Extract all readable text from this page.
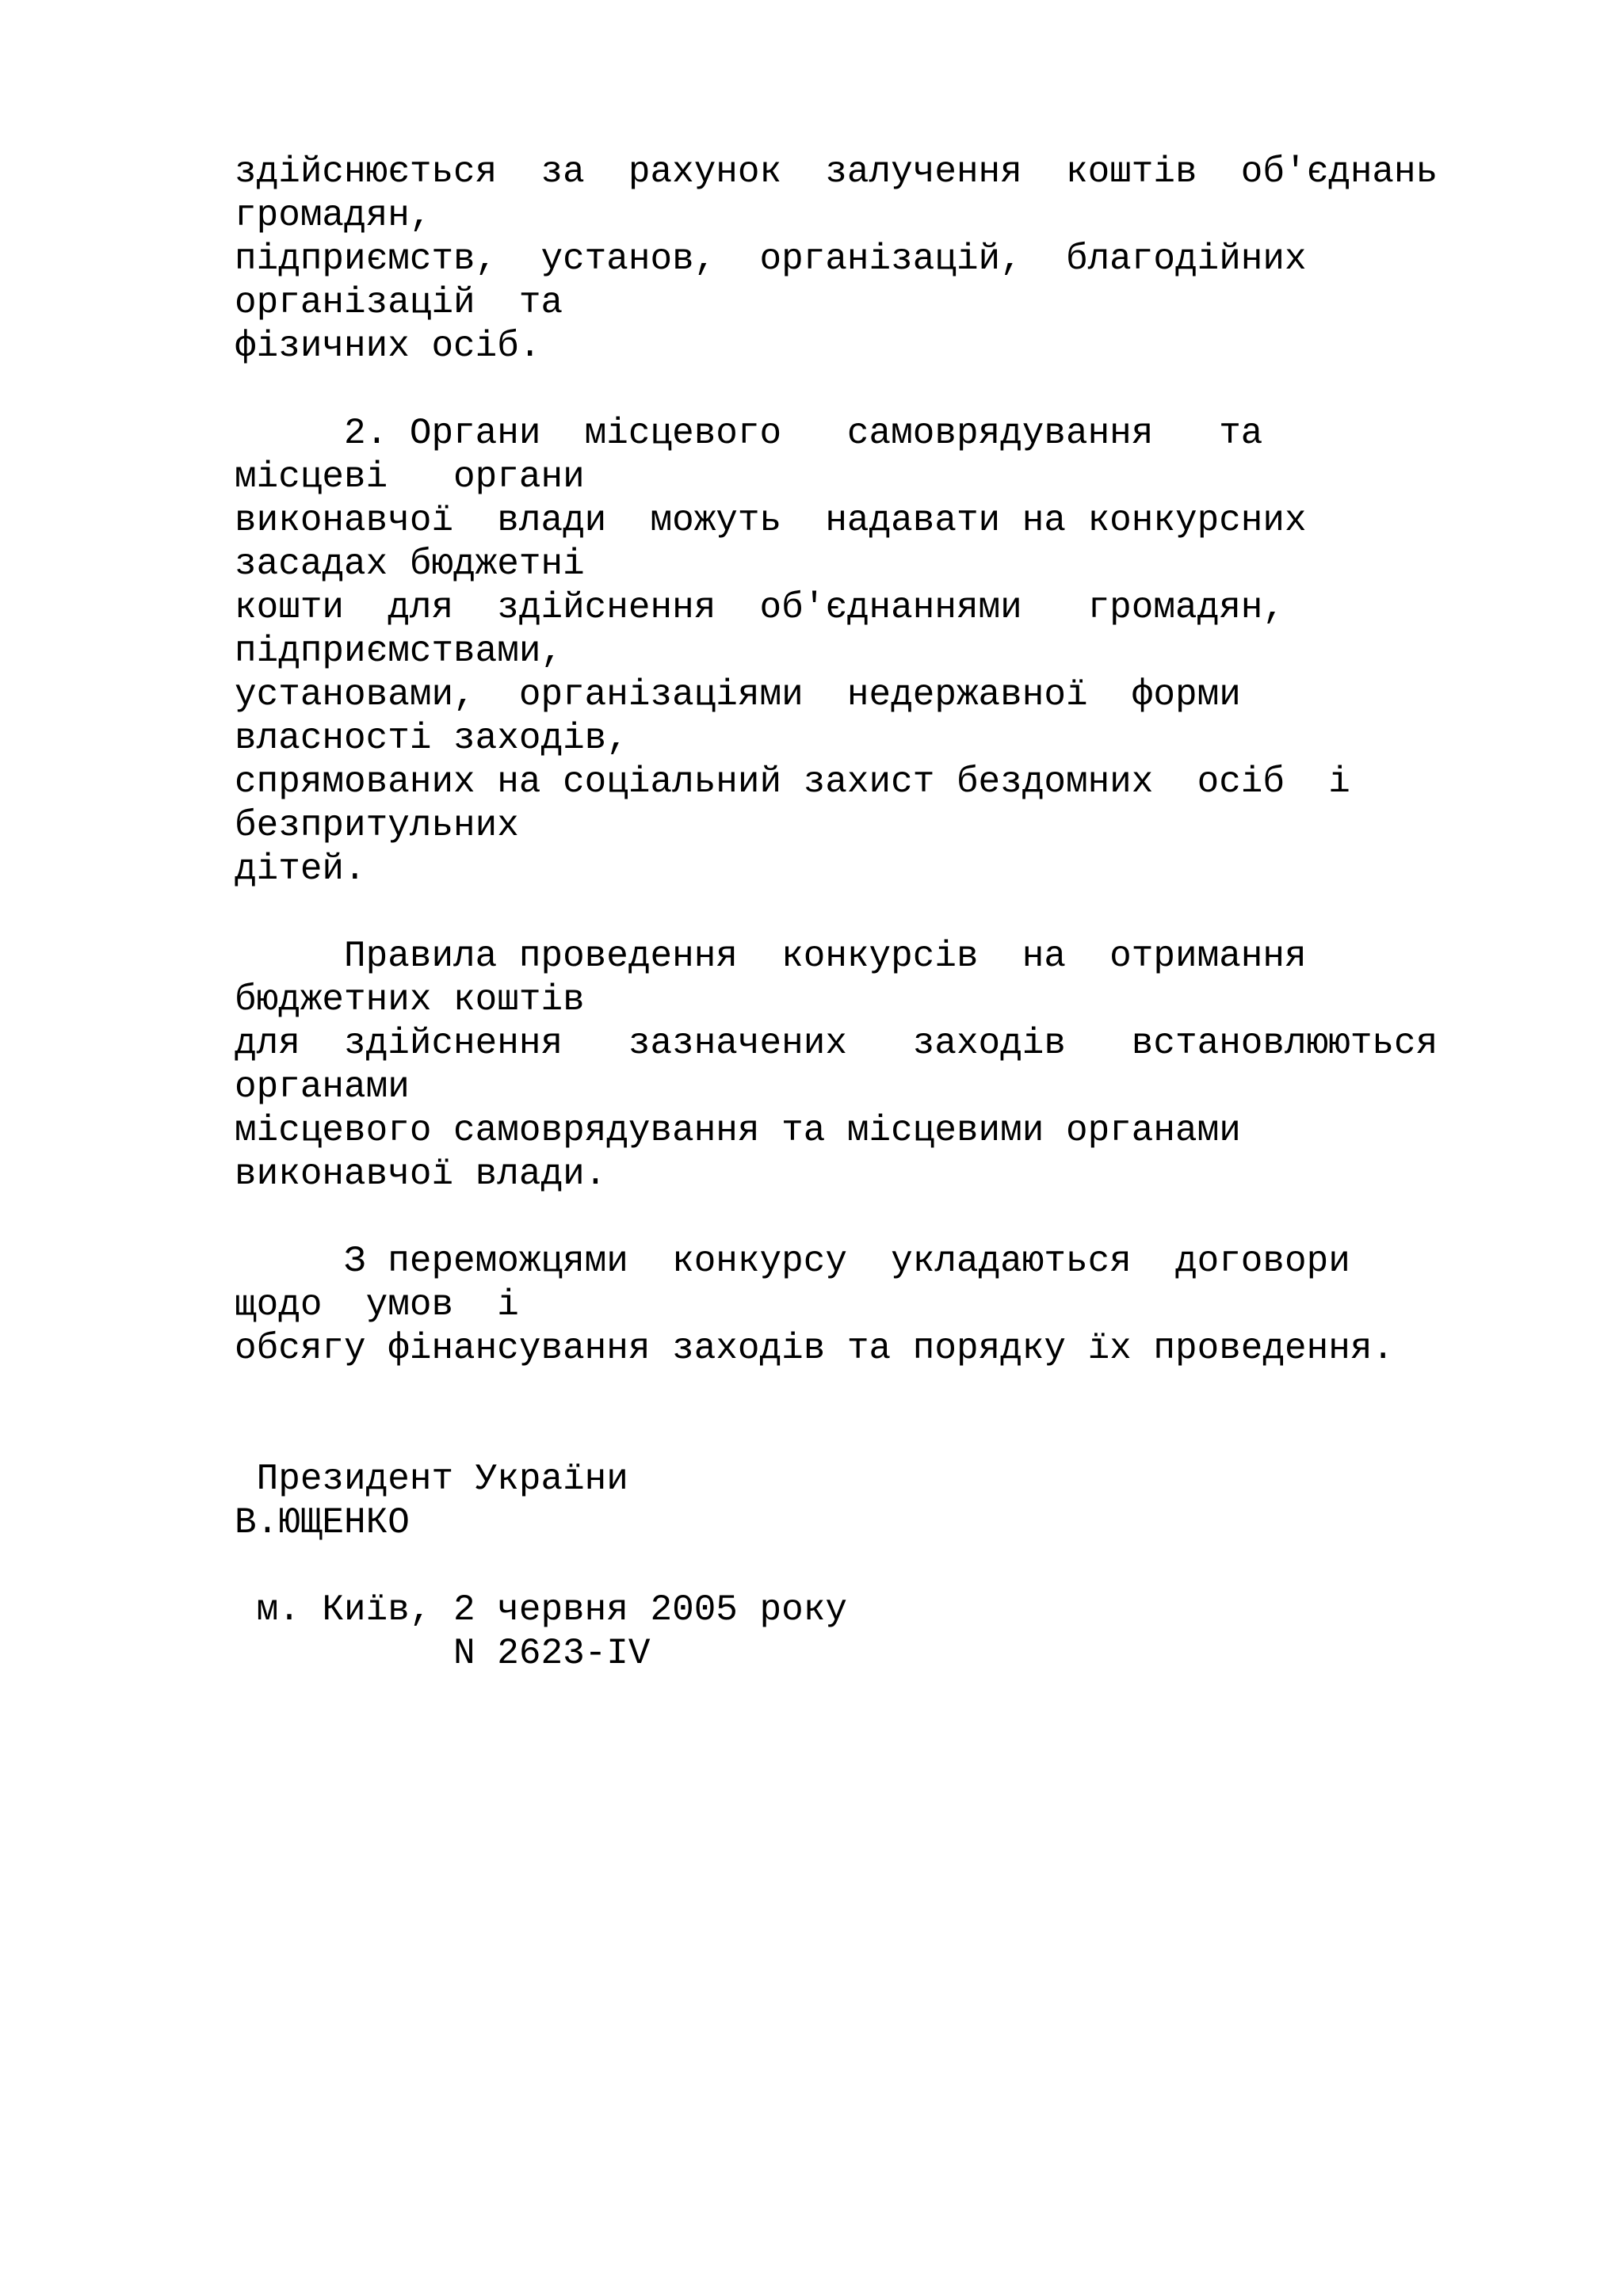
здійснюється  за  рахунок  залучення  коштів  об'єднань
громадян,
підприємств,  установ,  організацій,  благодійних
організацій  та
фізичних осіб.
2. Органи  місцевого   самоврядування   та
місцеві   органи
виконавчої  влади  можуть  надавати на конкурсних
засадах бюджетні
кошти  для  здійснення  об'єднаннями   громадян,
підприємствами,
установами,  організаціями  недержавної  форми
власності заходів,
спрямованих на соціальний захист бездомних  осіб  і
безпритульних
дітей.
Правила проведення  конкурсів  на  отримання
бюджетних коштів
для  здійснення   зазначених   заходів   встановлюються
органами
місцевого самоврядування та місцевими органами
виконавчої влади.
З переможцями  конкурсу  укладаються  договори
щодо  умов  і
обсягу фінансування заходів та порядку їх проведення.
Президент України
В.ЮЩЕНКО
м. Київ, 2 червня 2005 року
N 2623-IV
